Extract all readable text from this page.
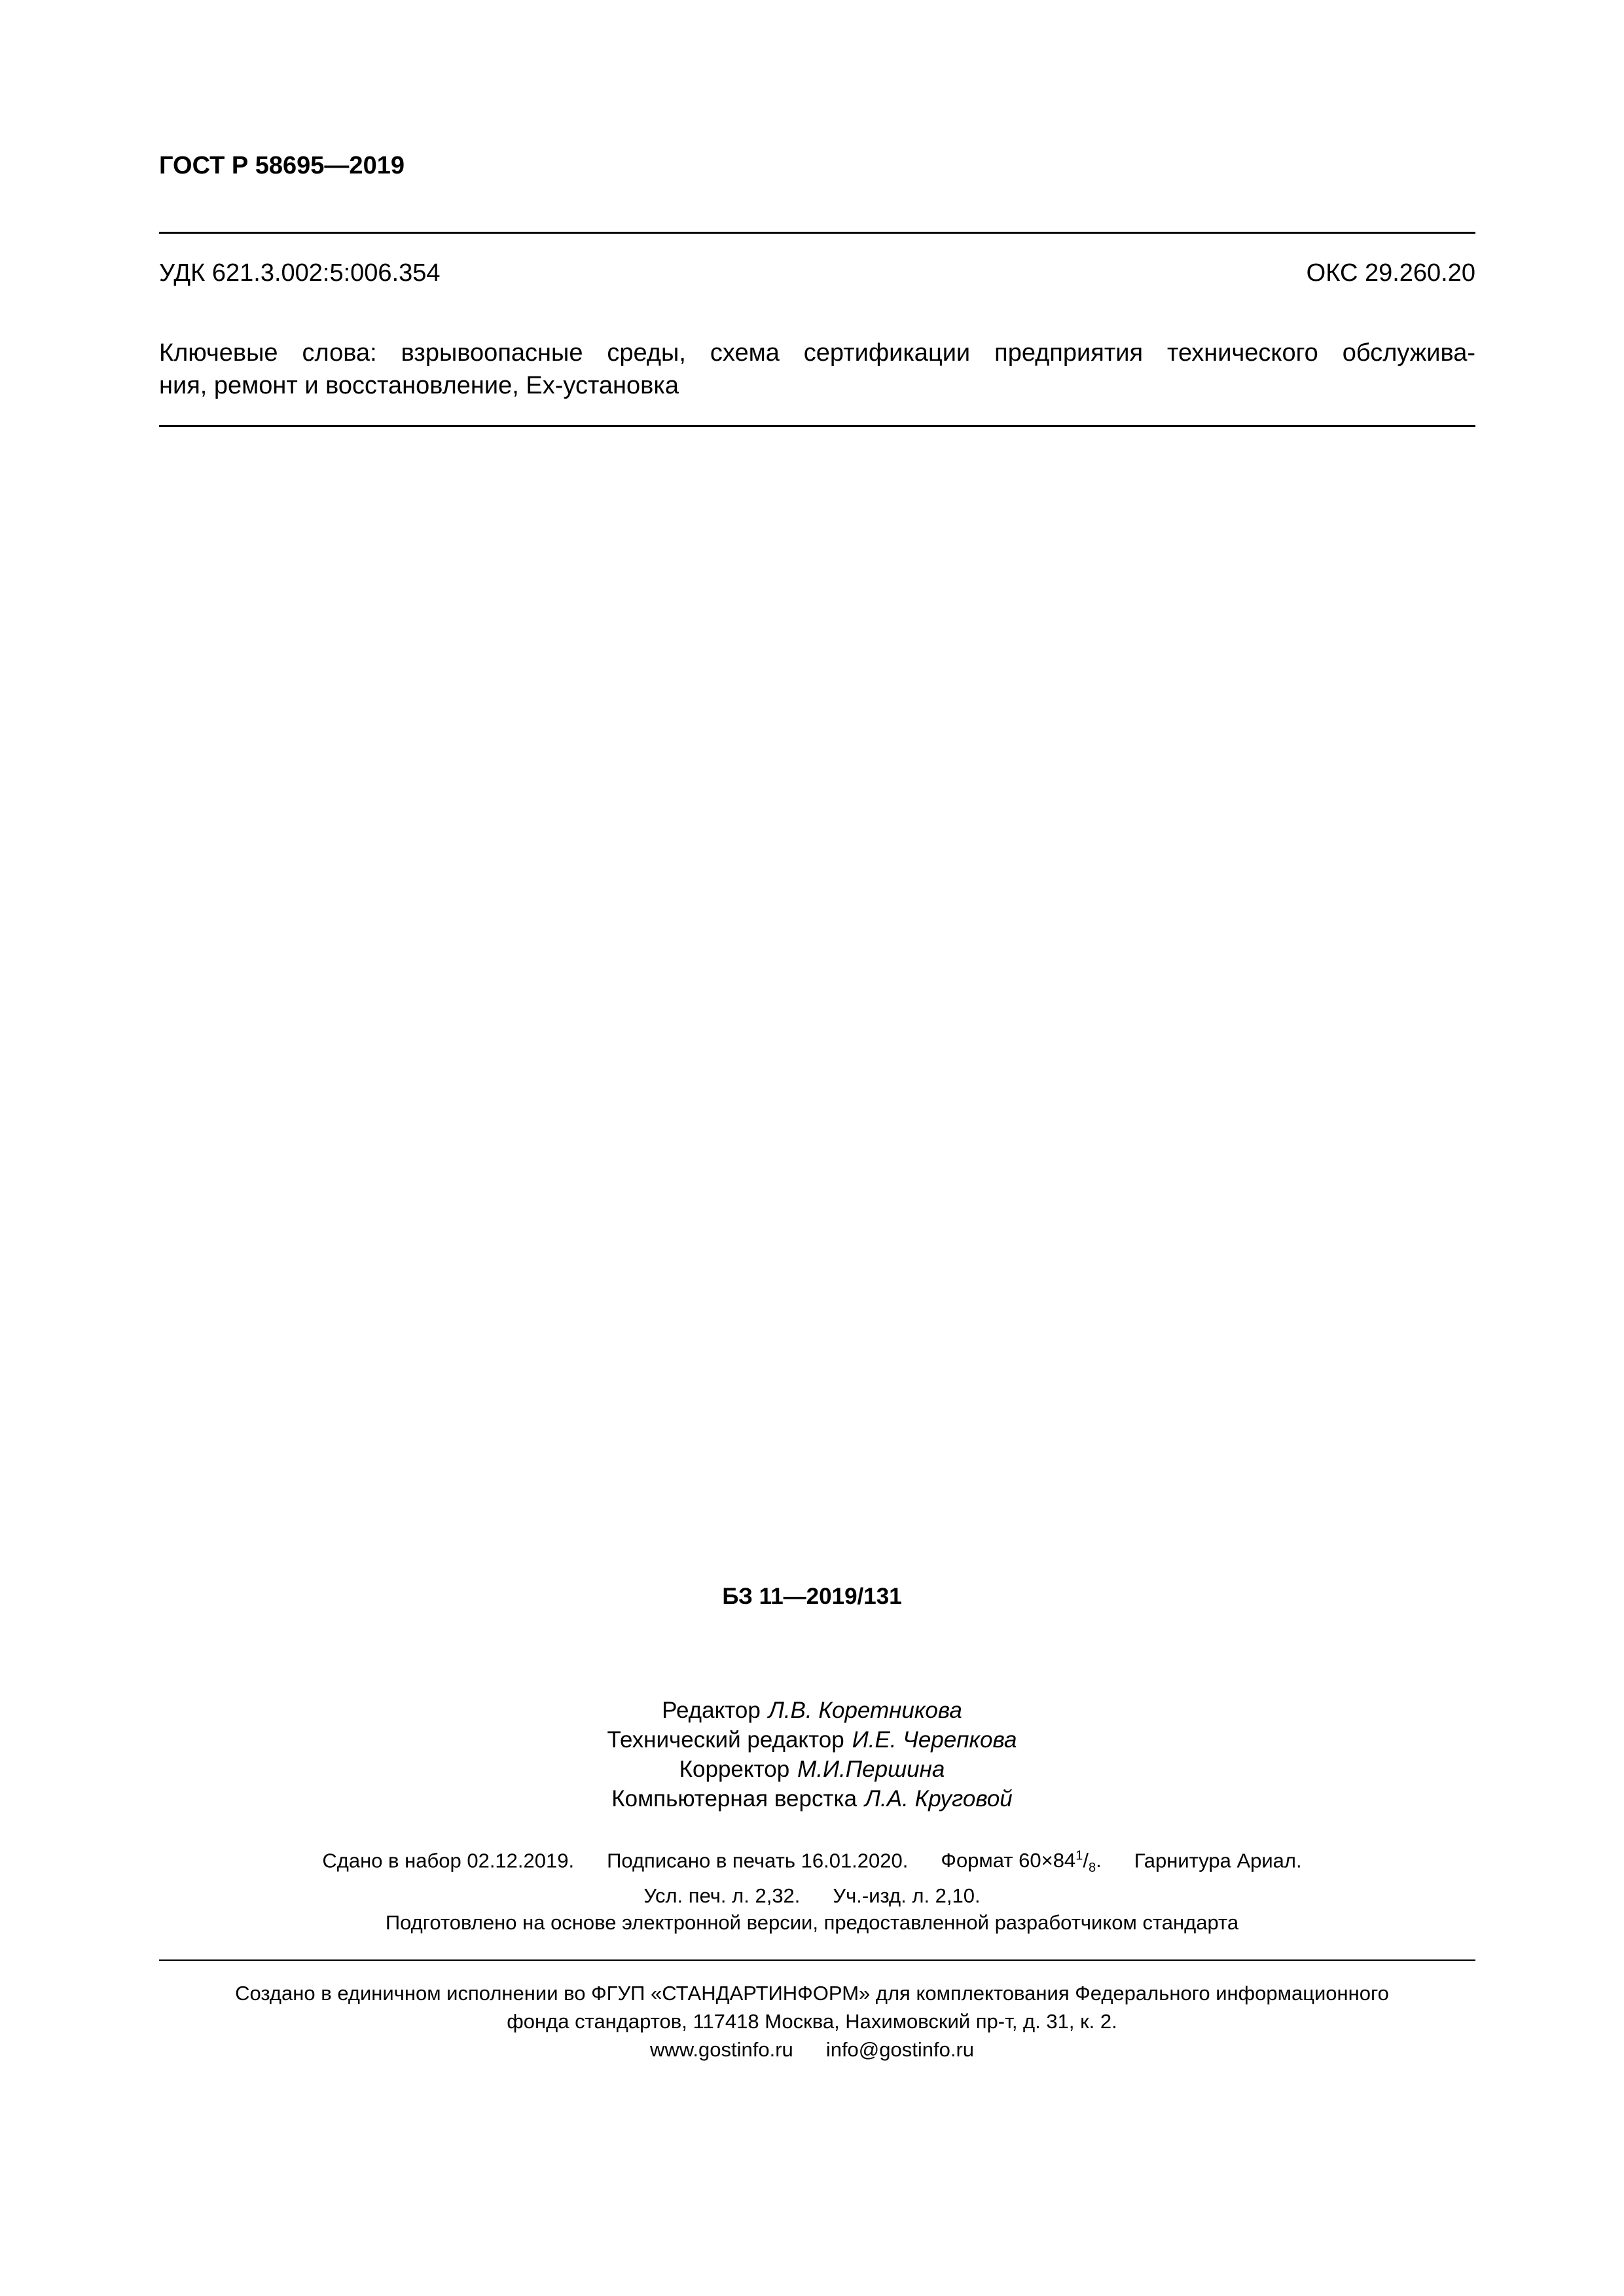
ГОСТ Р 58695—2019
УДК 621.3.002:5:006.354	ОКС 29.260.20
Ключевые слова: взрывоопасные среды, схема сертификации предприятия технического обслужива-
ния, ремонт и восстановление, Ex-установка
БЗ 11—2019/131
Редактор Л.В. Коретникова
Технический редактор И.Е. Черепкова
Корректор М.И.Першина
Компьютерная верстка Л.А. Круговой
Сдано в набор 02.12.2019. Подписано в печать 16.01.2020. Формат $60\times 84^1/_8$. Гарнитура Ариал.
Усл. печ. л. 2,32. Уч.-изд. л. 2,10.
Подготовлено на основе электронной версии, предоставленной разработчиком стандарта
Создано в единичном исполнении во ФГУП «СТАНДАРТИНФОРМ» для комплектования Федерального информационного
фонда стандартов, 117418 Москва, Нахимовский пр-т, д. 31, к. 2.
www.gostinfo.ru info@gostinfo.ru
